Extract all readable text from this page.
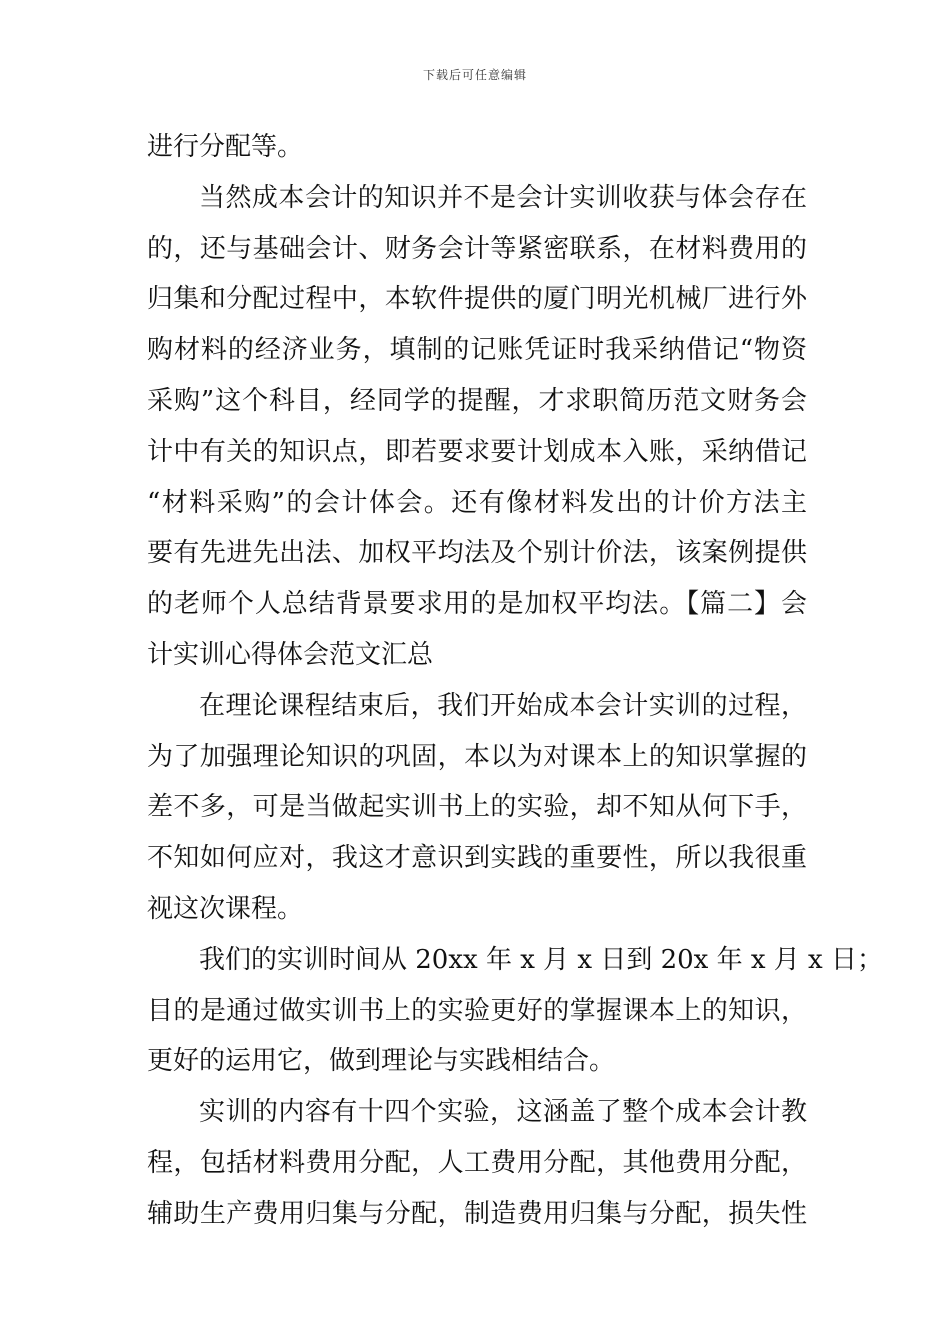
下载后可任意编辑
进行分配等。
当然成本会计的知识并不是会计实训收获与体会存在
的，还与基础会计、财务会计等紧密联系，在材料费用的
归集和分配过程中，本软件提供的厦门明光机械厂进行外
购材料的经济业务，填制的记账凭证时我采纳借记“物资
采购”这个科目，经同学的提醒，才求职简历范文财务会
计中有关的知识点，即若要求要计划成本入账，采纳借记
“材料采购”的会计体会。还有像材料发出的计价方法主
要有先进先出法、加权平均法及个别计价法，该案例提供
的老师个人总结背景要求用的是加权平均法。【篇二】会
计实训心得体会范文汇总
在理论课程结束后，我们开始成本会计实训的过程，
为了加强理论知识的巩固，本以为对课本上的知识掌握的
差不多，可是当做起实训书上的实验，却不知从何下手，
不知如何应对，我这才意识到实践的重要性，所以我很重
视这次课程。
我们的实训时间从 20xx 年 x 月 x 日到 20x 年 x 月 x 日；
目的是通过做实训书上的实验更好的掌握课本上的知识，
更好的运用它，做到理论与实践相结合。
实训的内容有十四个实验，这涵盖了整个成本会计教
程，包括材料费用分配，人工费用分配，其他费用分配，
辅助生产费用归集与分配，制造费用归集与分配，损失性
